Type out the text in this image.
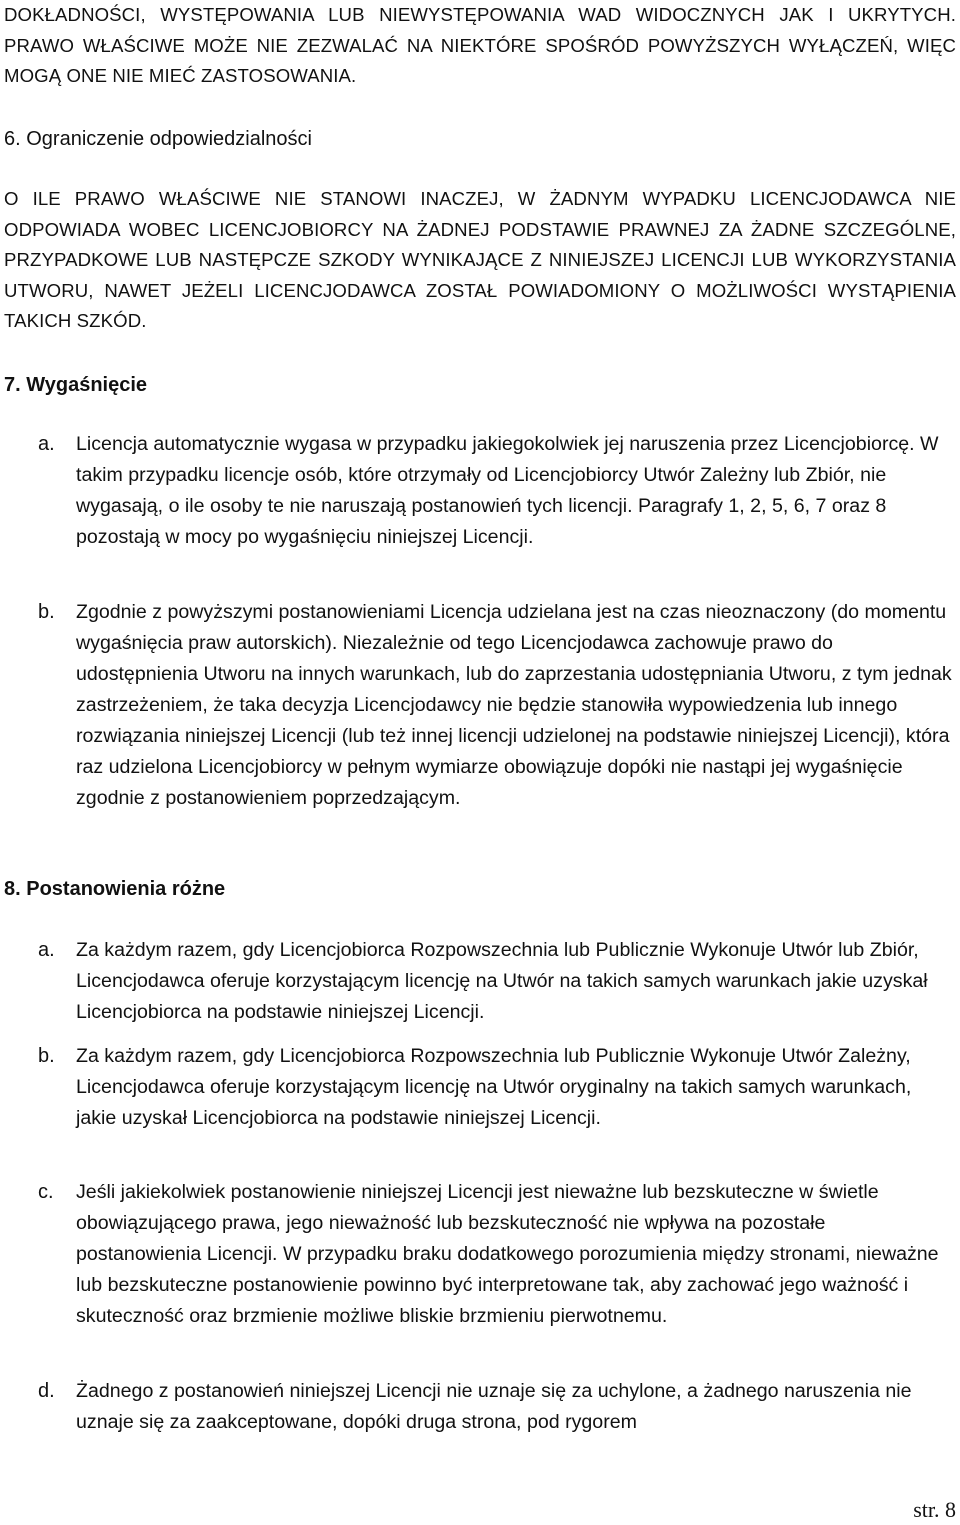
DOKŁADNOŚCI, WYSTĘPOWANIA LUB NIEWYSTĘPOWANIA WAD WIDOCZNYCH JAK I UKRYTYCH. PRAWO WŁAŚCIWE MOŻE NIE ZEZWALAĆ NA NIEKTÓRE SPOŚRÓD POWYŻSZYCH WYŁĄCZEŃ, WIĘC MOGĄ ONE NIE MIEĆ ZASTOSOWANIA.

6. Ograniczenie odpowiedzialności

O ILE PRAWO WŁAŚCIWE NIE STANOWI INACZEJ, W ŻADNYM WYPADKU LICENCJODAWCA NIE ODPOWIADA WOBEC LICENCJOBIORCY NA ŻADNEJ PODSTAWIE PRAWNEJ ZA ŻADNE SZCZEGÓLNE, PRZYPADKOWE LUB NASTĘPCZE SZKODY WYNIKAJĄCE Z NINIEJSZEJ LICENCJI LUB WYKORZYSTANIA UTWORU, NAWET JEŻELI LICENCJODAWCA ZOSTAŁ POWIADOMIONY O MOŻLIWOŚCI WYSTĄPIENIA TAKICH SZKÓD.

7. Wygaśnięcie
a. Licencja automatycznie wygasa w przypadku jakiegokolwiek jej naruszenia przez Licencjobiorcę. W takim przypadku licencje osób, które otrzymały od Licencjobiorcy Utwór Zależny lub Zbiór, nie wygasają, o ile osoby te nie naruszają postanowień tych licencji. Paragrafy 1, 2, 5, 6, 7 oraz 8 pozostają w mocy po wygaśnięciu niniejszej Licencji.

b. Zgodnie z powyższymi postanowieniami Licencja udzielana jest na czas nieoznaczony (do momentu wygaśnięcia praw autorskich). Niezależnie od tego Licencjodawca zachowuje prawo do udostępnienia Utworu na innych warunkach, lub do zaprzestania udostępniania Utworu, z tym jednak zastrzeżeniem, że taka decyzja Licencjodawcy nie będzie stanowiła wypowiedzenia lub innego rozwiązania niniejszej Licencji (lub też innej licencji udzielonej na podstawie niniejszej Licencji), która raz udzielona Licencjobiorcy w pełnym wymiarze obowiązuje dopóki nie nastąpi jej wygaśnięcie zgodnie z postanowieniem poprzedzającym.

8. Postanowienia różne
a. Za każdym razem, gdy Licencjobiorca Rozpowszechnia lub Publicznie Wykonuje Utwór lub Zbiór, Licencjodawca oferuje korzystającym licencję na Utwór na takich samych warunkach jakie uzyskał Licencjobiorca na podstawie niniejszej Licencji.

b. Za każdym razem, gdy Licencjobiorca Rozpowszechnia lub Publicznie Wykonuje Utwór Zależny, Licencjodawca oferuje korzystającym licencję na Utwór oryginalny na takich samych warunkach, jakie uzyskał Licencjobiorca na podstawie niniejszej Licencji.

c. Jeśli jakiekolwiek postanowienie niniejszej Licencji jest nieważne lub bezskuteczne w świetle obowiązującego prawa, jego nieważność lub bezskuteczność nie wpływa na pozostałe postanowienia Licencji. W przypadku braku dodatkowego porozumienia między stronami, nieważne lub bezskuteczne postanowienie powinno być interpretowane tak, aby zachować jego ważność i skuteczność oraz brzmienie możliwe bliskie brzmieniu pierwotnemu.

d. Żadnego z postanowień niniejszej Licencji nie uznaje się za uchylone, a żadnego naruszenia nie uznaje się za zaakceptowane, dopóki druga strona, pod rygorem

str. 8
